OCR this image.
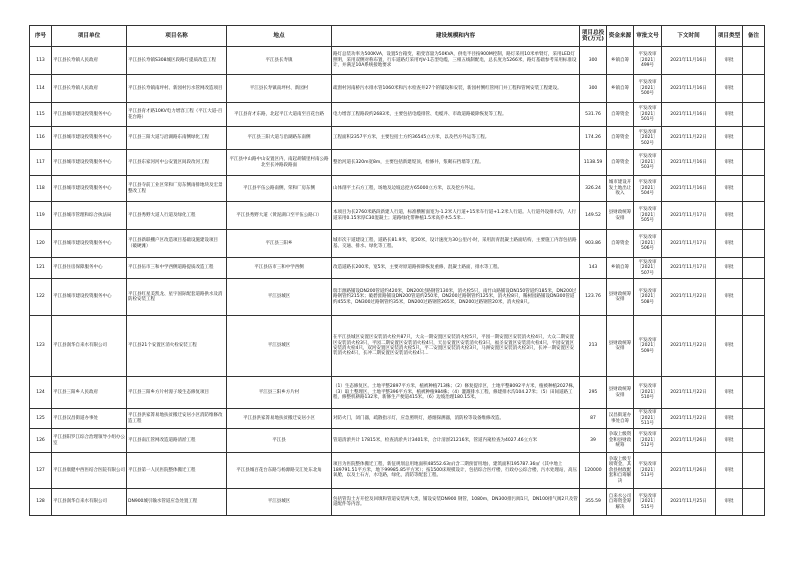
序号	项目单位	项目名称	地点	建设规模和内容	项目总投资(万元)	资金来源	审批文号	下文时间	项目类型	备注
113	平江县长寿镇人民政府	平江县长寿镇S308城区段路灯提质改造工程	平江县长寿镇	路灯总装功率为500KVA，设置5台箱变，箱变容量为50KVA，供电半径按900M控制，路灯采用10米单臂灯，采用LED灯照明，采用双侧对称布置，行车道路灯采用YJV-1芯型电缆，三相五线制配电，总长度为5266米，路灯基础参考采用标准设计，并满足10A系统接地要求	300	乡镇自筹	平发改审〔2021〕499号	2021年11月16日	审批	
114	平江县长寿镇人民政府	平江县长寿镇南坪村、新园村污水管网改造项目	平江县长寿镇南坪村、新园村	疏窗村河南桥污水排水管1060米和污水检查井27个的铺设和安装，新园村侧红管网门并工程和管网安装工程建设。	300	乡镇自筹	平发改审〔2021〕500号	2021年11月16日	审批	
115	平江县城市建设投资服务中心	平江县育才路10KV电力增容工程（平江大道-百花台路）	平江县育才东路，北起平江大道南至百花台路	电力增容工程路段约2683米，主要包括电缆排管、电缆井、市政道路破除恢复等工程。	531.76	自筹资金	平发改审〔2021〕501号	2021年11月16日	审批	
116	平江县城市建设投资服务中心	平江县三阳大道与沿湖路东南侧绿化工程	平江县三阳大道与沿湖路东南侧	工程面积2357平方米，主要包括土方约36545立方米，以及挡方外运等工程。	174.26	自筹资金	平发改审〔2021〕502号	2021年11月22日	审批	
117	平江县城市建设投资服务中心	平江县东家河河中公安置区间段改河工程	平江县中山路中山安置区内，南起胡铺里村南公路北至长冲路段路面	整治河道长320m宽8m，主要包括新建堤顶，检修井，浆砌石挡墙等工程。	1138.59	自筹资金	平发改审〔2021〕503号	2021年11月16日	审批	
118	平江县城市建设投资服务中心	平江县寺前工业区荣和厂房东侧雨排地块及宏景整改工程	平江县平伍公路南侧，荣和厂房东侧	山体削平土石方工程，场地及边坡总挖方65000立方米，以及挖方外运。	326.24	城市建设开发土地出让收入	平发改审〔2021〕504号	2021年11月16日	审批	
119	平江县城市管理和综合执法局	平江县秀野大道人行道及绿化工程	平江县秀野大道（黄泥湖口至平伍公路口）	本项目为长2760米路段新建人行道，标准横断面宽为-1.2米人行道+15米车行道+1.2米人行道。人行道外设排水沟，人行道采用0.15米厚C30混凝土；道路绿化带种植1.5米高乔木5.5米...	149.52	县财政统筹安排	平发改审〔2021〕505号	2021年11月17日	审批	
120	平江县城市建设投资服务中心	平江县新联棚户区改造项目基础设施建设项目（破硬滩）	平江县三阳乡	城市次干道建设工程，道路长81.9米，宽20米，设计速度为30公里/小时，采用沥青混凝土路面结构，主要施工内容包括路基、交通、排水、绿化等工程。	903.86	自筹资金	平发改审〔2021〕506号	2021年11月17日	审批	
121	平江县住房保障服务中心	平江县伍市三和中学西侧道路提质改造工程	平江县伍市三和中学西侧	改造道路长200米，宽5米，主要对原道路拆除恢复重修，混凝土路面，排水等工程。	143	乡镇自筹	平发改审〔2021〕507号	2021年11月17日	审批	
122	平江县城市建设投资服务中心	平江县红星美凯龙、星宇国际配套道路供水及消防栓安装工程	平江县城区	瑞丰源路铺设DN200管道约420米，DN200过路钢管130米，消火栓5只，南竹山路铺设DN150管道约185米，DN200过路钢管约215米；破碧涯路铺设DN200管道约250米，DN200过路钢管约125米，消火栓8只，稀树园路铺设DN300管道约455米，DN300过路钢管约35米，DN200过路钢管265米，DN200过路钢管20米，消火栓8只。	123.76	县财政统筹安排	平发改审〔2021〕508号	2021年11月22日	审批	
123	平江县润华自来水有限公司	平江县21个安置区消火栓安装工程	平江县城区	在平江县城区安置区安装消火栓共87只，大众一期安置区安装消火栓5只，平园一期安置区安装消火栓4只，大众二期安置区安装消火栓3只，平园二期安置区安装消火栓4只，天岳安置区安装消火栓3只，福圣安置区安装消火栓4只，平园安置区安装消火栓4只，双河安置区安装消火栓5只，平二安置区安装消火栓3只，马洲安置区安装消火栓3只，长冲一期安置区安装消火栓4只，长冲二期安置区安装消火栓4只...	213	县财政统筹安排	平发改审〔2021〕509号	2021年11月22日	审批	
124	平江县三阳乡人民政府	平江县三阳乡方片村漫子坡生态修复项目	平江县三阳乡方片村	（1）生态修复区。土地平整2897平方米，植被种植713株；（2）修复提岸区，土地平整8092平方米，植被种植2027株，（3）取土整理区，土地平整396平方米，植被种植984株；（4）灌溉排水工程，修建排水沟104.27米；（5）田间道路工程，修整机耕路132米，新修生产便道415米。（6）边坡治理180.15米。	295	县财政统筹安排	平发改审〔2021〕510号	2021年11月22日	审批	
125	平江县汉昌街道办事处	平江县洪家箐易地扶贫搬迁安居小区消防维修改造工程	平江县洪家箐易地扶贫搬迁安居小区	对防火门，闭门器，疏散指示灯，应急照明灯，感烟探测器，消防栓等设备维修改造。	87	汉昌街道办事处自筹	平发改审〔2021〕511号	2021年11月22日	审批	
126	平江县阳罗江综合治理领导小组办公室	平江县南江管网改造道路清淤工程	平江县	管道清淤共计 17815米，检查清淤共计3401米，合计清淤21216米，管道内窥检查为4027.46立方米	39	争取上级资金和县财政统筹	平发改审〔2021〕512号	2021年11月26日	审批	
127	平江县康健中西医结合医院有限公司	平江县第一人民医院整体搬迁工程	平江县城百花台东路与杨源路交汇处东北角	项目为医院整体搬迁工程，新征规划总用地面积48552.63㎡(含二期预留用地)，建筑面积195787.36㎡（其中地上189791.51平方米，地下99985.85平方米）；按1500床规模设计，包括综合医疗楼，行政办公综合楼，污水处理站，高压氧舱，以及土石方，水电路，绿化，消防等配套工程。	120000	争取上级专项资金，其余县财政配套和自筹解决	平发改审〔2021〕513号	2021年11月26日	审批	
128	平江县润华自来水有限公司	DN900城引输水管道应急处置工程	平江县城区	包括管沟土方开挖及回填和管道安装两大类，铺设安装DN900 钢管，1080m，DN300排污阀1只，DN100排气阀2只及管道配件等内容。	355.59	自来水公司自筹资金筹解决	平发改审〔2021〕515号	2021年11月25日	审批	
